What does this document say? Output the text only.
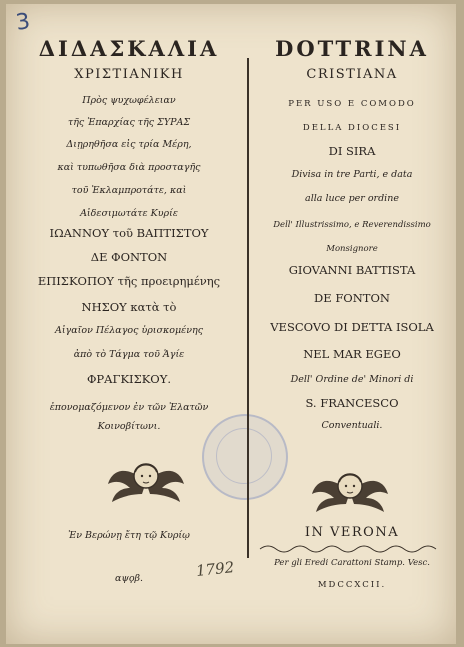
3
ΔΙΔΑΣΚΑΛΙΑ
ΧΡΙΣΤΙΑΝΙΚΗ
Πρὸς ψυχωφέλειαν
τῆς Ἐπαρχίας τῆς ΣΥΡΑΣ
Διῃρηθῆσα εἰς τρία Μέρη,
καὶ τυπωθῆσα διὰ προσταγῆς
τοῦ Ἐκλαμπροτάτε, καὶ
Αἰδεσιμωτάτε Κυρίε
ΙΩΑΝΝΟΥ τοῦ ΒΑΠΤΙΣΤΟΥ
ΔΕ ΦΟΝΤΟΝ
ΕΠΙΣΚΟΠΟΥ τῆς προειρημένης
ΝΗΣΟΥ κατὰ τὸ
Αἰγαῖον Πέλαγος ὑρισκομένης
ἀπὸ τὸ Τάγμα τοῦ Ἁγίε
ΦΡΑΓΚΙΣΚΟΥ.
ἐπονομαζόμενον ἐν τῶν Ἐλατῶν
Κοινοβίτωνι.
Ἐν Βερώνῃ ἔτη τῷ Κυρίῳ
αψϙβ.	1792
DOTTRINA
CRISTIANA
PER USO E COMODO
DELLA DIOCESI
DI SIRA
Divisa in tre Parti, e data
alla luce per ordine
Dell' Illustrissimo, e Reverendissimo
Monsignore
GIOVANNI BATTISTA
DE FONTON
VESCOVO DI DETTA ISOLA
NEL MAR EGEO
Dell' Ordine de' Minori di
S. FRANCESCO
Conventuali.
IN VERONA
Per gli Eredi Carattoni Stamp. Vesc.
MDCCXCII.
